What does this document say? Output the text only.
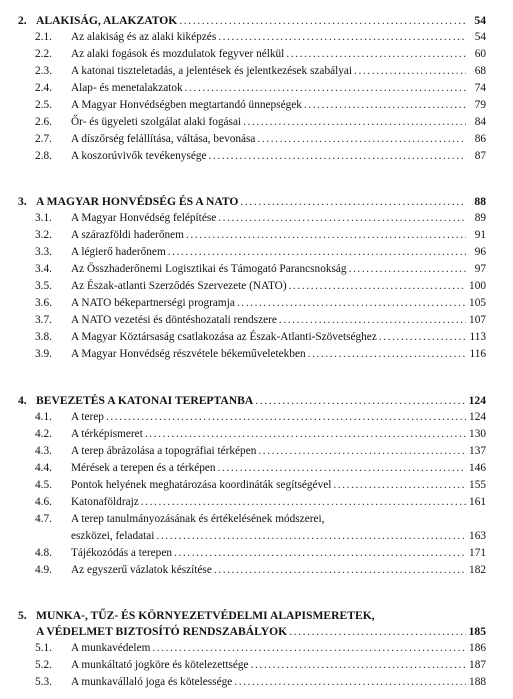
2. ALAKISÁG, ALAKZATOK .....	54
2.1.	Az alakiság és az alaki kiképzés .....	54
2.2.	Az alaki fogások és mozdulatok fegyver nélkül .....	60
2.3.	A katonai tiszteletadás, a jelentések és jelentkezések szabályai .....	68
2.4.	Alap- és menetalakzatok .....	74
2.5.	A Magyar Honvédségben megtartandó ünnepségek .....	79
2.6.	Őr- és ügyeleti szolgálat alaki fogásai .....	84
2.7.	A díszőrség felállítása, váltása, bevonása .....	86
2.8.	A koszorúvivők tevékenysége .....	87
3. A MAGYAR HONVÉDSÉG ÉS A NATO .....	88
3.1.	A Magyar Honvédség felépítése .....	89
3.2.	A szárazföldi haderőnem .....	91
3.3.	A légierő haderőnem .....	96
3.4.	Az Összhaderőnemi Logisztikai és Támogató Parancsnokság .....	97
3.5.	Az Észak-atlanti Szerződés Szervezete (NATO) .....	100
3.6.	A NATO békepartnerségi programja .....	105
3.7.	A NATO vezetési és döntéshozatali rendszere .....	107
3.8.	A Magyar Köztársaság csatlakozása az Észak-Atlanti-Szövetséghez .....	113
3.9.	A Magyar Honvédség részvétele békeműveletekben .....	116
4. BEVEZETÉS A KATONAI TEREPTANBA .....	124
4.1.	A terep .....	124
4.2.	A térképismeret .....	130
4.3.	A terep ábrázolása a topográfiai térképen .....	137
4.4.	Mérések a terepen és a térképen .....	146
4.5.	Pontok helyének meghatározása koordináták segítségével .....	155
4.6.	Katonaföldrajz .....	161
4.7.	A terep tanulmányozásának és értékelésének módszerei,
eszközei, feladatai .....	163
4.8.	Tájékozódás a terepen .....	171
4.9.	Az egyszerű vázlatok készítése .....	182
5. MUNKA-, TŰZ- ÉS KÖRNYEZETVÉDELMI ALAPISMERETEK,
A VÉDELMET BIZTOSÍTÓ RENDSZABÁLYOK .....	185
5.1.	A munkavédelem .....	186
5.2.	A munkáltató jogköre és kötelezettsége .....	187
5.3.	A munkavállaló joga és kötelessége .....	188
